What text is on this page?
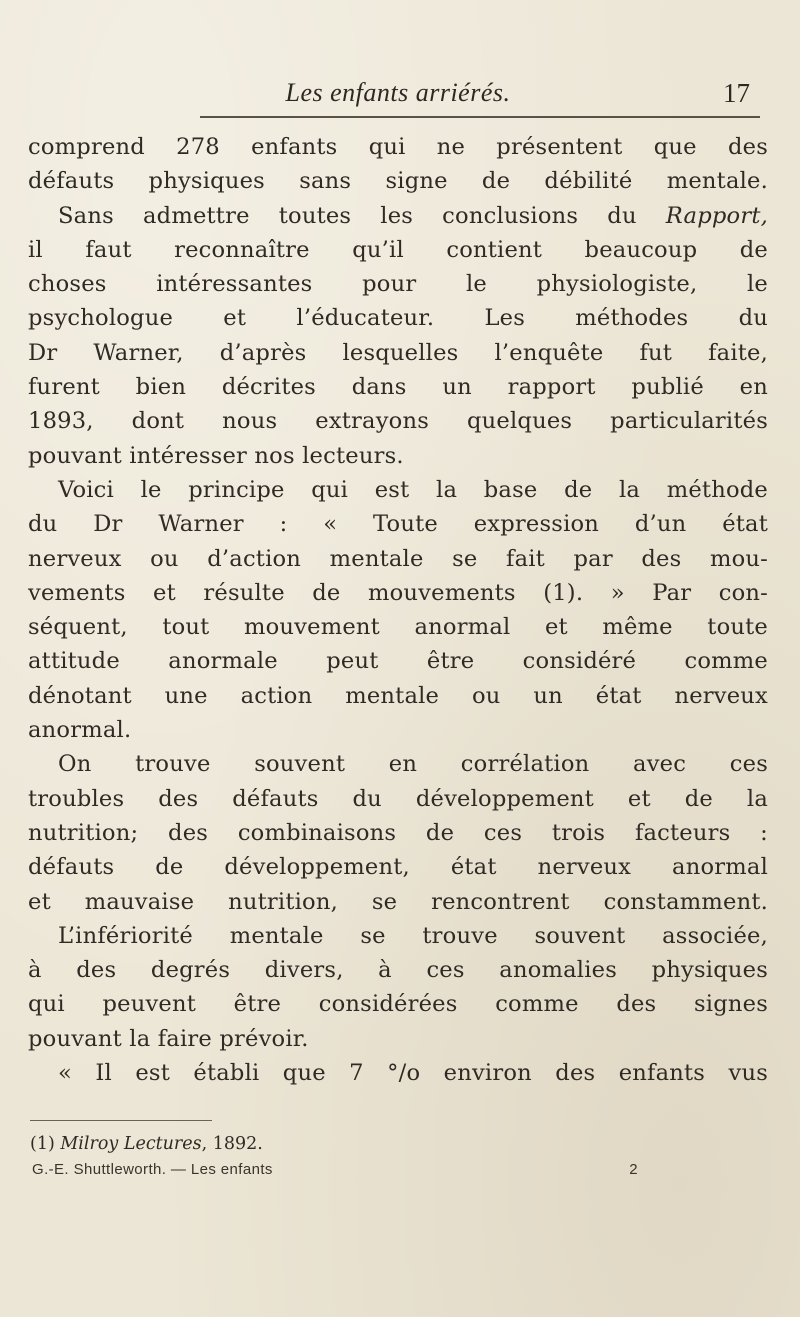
Les enfants arriérés.	17
comprend 278 enfants qui ne présentent que des
défauts physiques sans signe de débilité mentale.
Sans admettre toutes les conclusions du Rapport,
il faut reconnaître qu’il contient beaucoup de
choses intéressantes pour le physiologiste, le
psychologue et l’éducateur. Les méthodes du
Dr Warner, d’après lesquelles l’enquête fut faite,
furent bien décrites dans un rapport publié en
1893, dont nous extrayons quelques particularités
pouvant intéresser nos lecteurs.
Voici le principe qui est la base de la méthode
du Dr Warner : « Toute expression d’un état
nerveux ou d’action mentale se fait par des mou-
vements et résulte de mouvements (1). » Par con-
séquent, tout mouvement anormal et même toute
attitude anormale peut être considéré comme
dénotant une action mentale ou un état nerveux
anormal.
On trouve souvent en corrélation avec ces
troubles des défauts du développement et de la
nutrition; des combinaisons de ces trois facteurs :
défauts de développement, état nerveux anormal
et mauvaise nutrition, se rencontrent constamment.
L’infériorité mentale se trouve souvent associée,
à des degrés divers, à ces anomalies physiques
qui peuvent être considérées comme des signes
pouvant la faire prévoir.
« Il est établi que 7 °/o environ des enfants vus
(1) Milroy Lectures, 1892.
G.-E. Shuttleworth. — Les enfants	2
